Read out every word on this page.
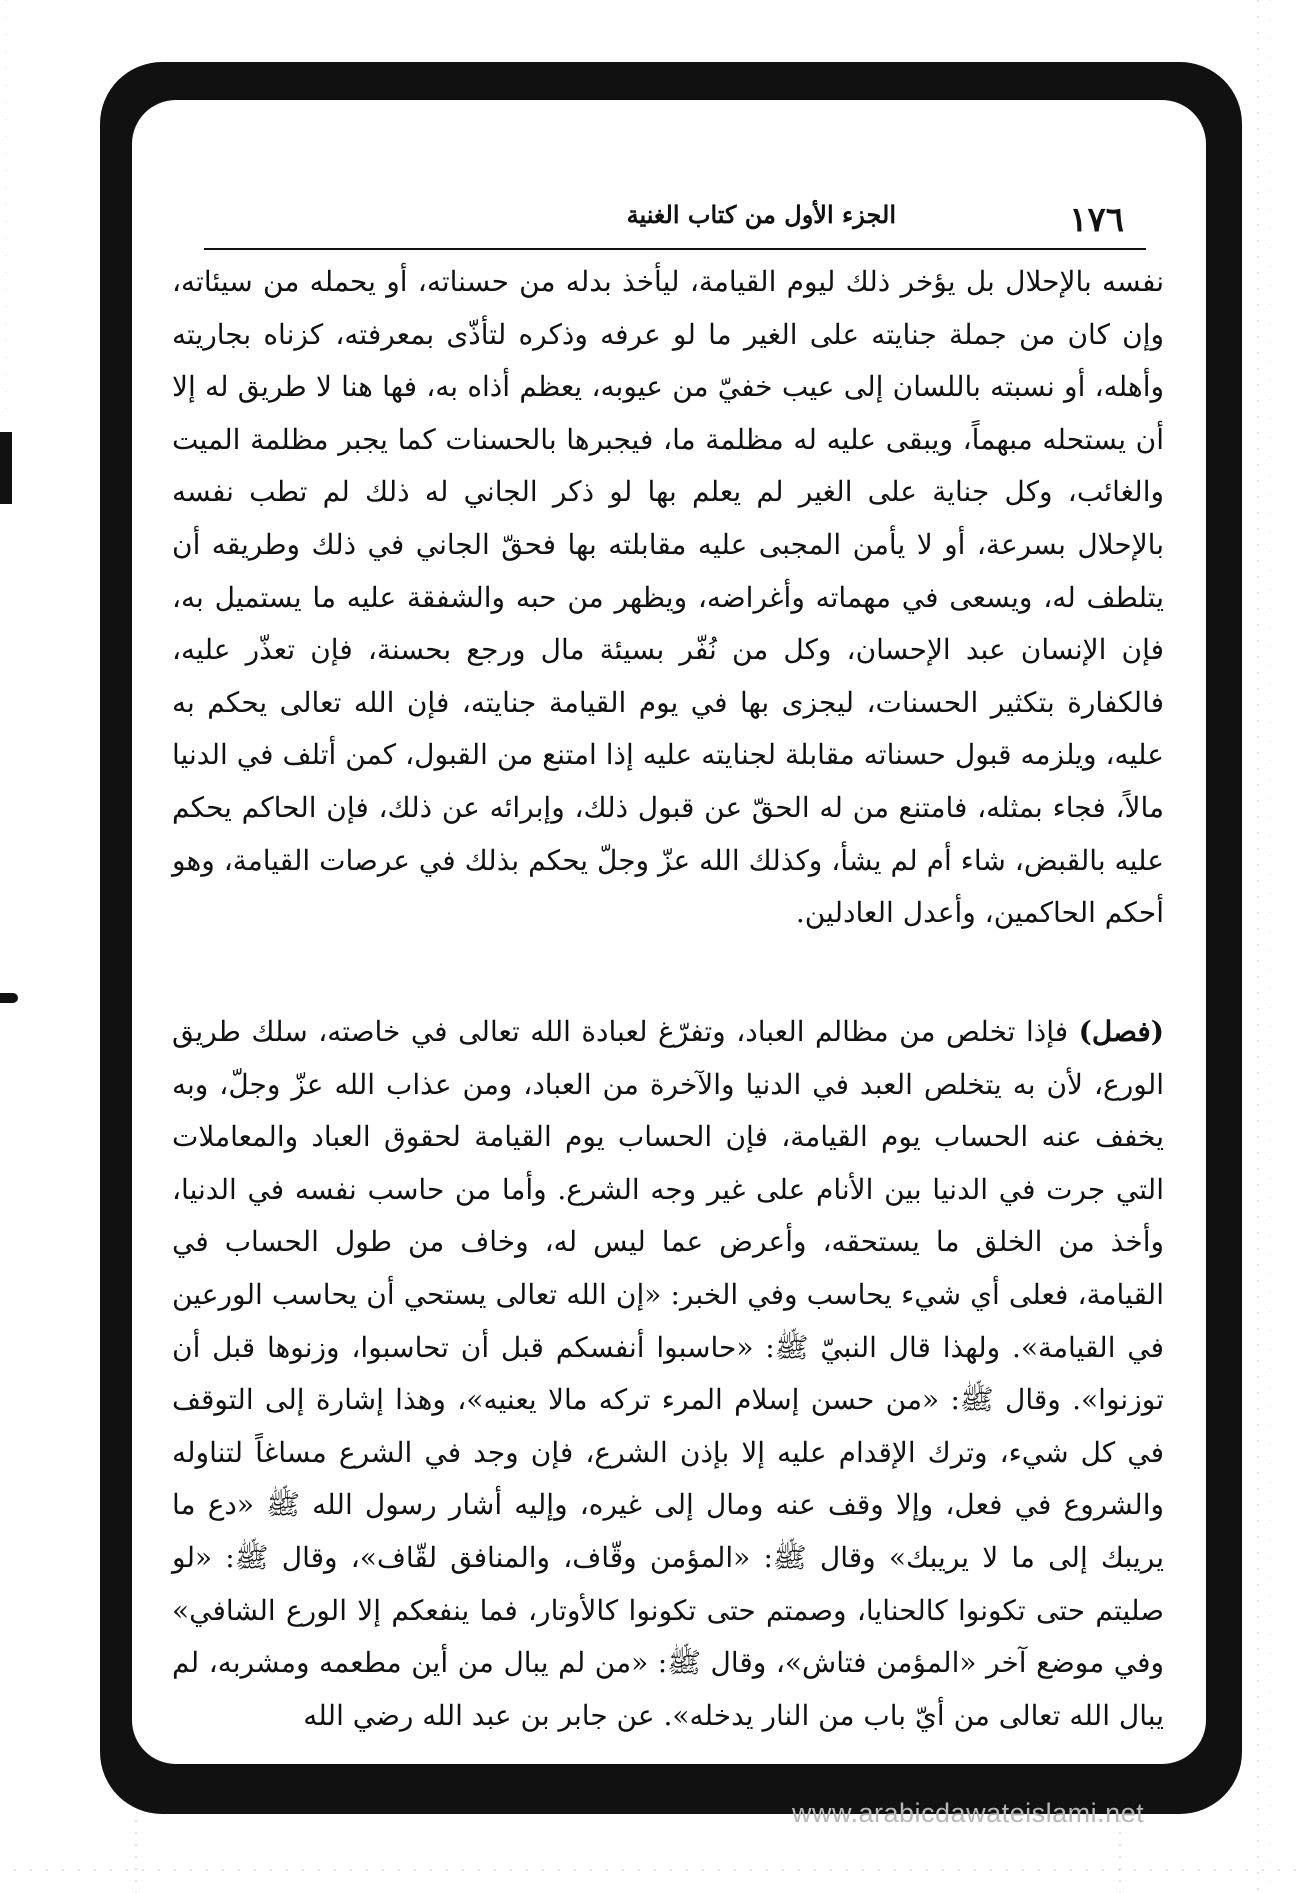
١٧٦
الجزء الأول من كتاب الغنية

نفسه بالإحلال بل يؤخر ذلك ليوم القيامة، ليأخذ بدله من حسناته، أو يحمله من سيئاته، وإن كان من جملة جنايته على الغير ما لو عرفه وذكره لتأذّى بمعرفته، كزناه بجاريته وأهله، أو نسبته باللسان إلى عيب خفيّ من عيوبه، يعظم أذاه به، فها هنا لا طريق له إلا أن يستحله مبهماً، ويبقى عليه له مظلمة ما، فيجبرها بالحسنات كما يجبر مظلمة الميت والغائب، وكل جناية على الغير لم يعلم بها لو ذكر الجاني له ذلك لم تطب نفسه بالإحلال بسرعة، أو لا يأمن المجبى عليه مقابلته بها فحقّ الجاني في ذلك وطريقه أن يتلطف له، ويسعى في مهماته وأغراضه، ويظهر من حبه والشفقة عليه ما يستميل به، فإن الإنسان عبد الإحسان، وكل من نُفّر بسيئة مال ورجع بحسنة، فإن تعذّر عليه، فالكفارة بتكثير الحسنات، ليجزى بها في يوم القيامة جنايته، فإن الله تعالى يحكم به عليه، ويلزمه قبول حسناته مقابلة لجنايته عليه إذا امتنع من القبول، كمن أتلف في الدنيا مالاً، فجاء بمثله، فامتنع من له الحقّ عن قبول ذلك، وإبرائه عن ذلك، فإن الحاكم يحكم عليه بالقبض، شاء أم لم يشأ، وكذلك الله عزّ وجلّ يحكم بذلك في عرصات القيامة، وهو أحكم الحاكمين، وأعدل العادلين.

(فصل) فإذا تخلص من مظالم العباد، وتفرّغ لعبادة الله تعالى في خاصته، سلك طريق الورع، لأن به يتخلص العبد في الدنيا والآخرة من العباد، ومن عذاب الله عزّ وجلّ، وبه يخفف عنه الحساب يوم القيامة، فإن الحساب يوم القيامة لحقوق العباد والمعاملات التي جرت في الدنيا بين الأنام على غير وجه الشرع. وأما من حاسب نفسه في الدنيا، وأخذ من الخلق ما يستحقه، وأعرض عما ليس له، وخاف من طول الحساب في القيامة، فعلى أي شيء يحاسب وفي الخبر: «إن الله تعالى يستحي أن يحاسب الورعين في القيامة». ولهذا قال النبيّ ﷺ: «حاسبوا أنفسكم قبل أن تحاسبوا، وزنوها قبل أن توزنوا». وقال ﷺ: «من حسن إسلام المرء تركه مالا يعنيه»، وهذا إشارة إلى التوقف في كل شيء، وترك الإقدام عليه إلا بإذن الشرع، فإن وجد في الشرع مساغاً لتناوله والشروع في فعل، وإلا وقف عنه ومال إلى غيره، وإليه أشار رسول الله ﷺ «دع ما يريبك إلى ما لا يريبك» وقال ﷺ: «المؤمن وقّاف، والمنافق لقّاف»، وقال ﷺ: «لو صليتم حتى تكونوا كالحنايا، وصمتم حتى تكونوا كالأوتار، فما ينفعكم إلا الورع الشافي» وفي موضع آخر «المؤمن فتاش»، وقال ﷺ: «من لم يبال من أين مطعمه ومشربه، لم يبال الله تعالى من أيّ باب من النار يدخله». عن جابر بن عبد الله رضي الله

www.arabicdawateislami.net
